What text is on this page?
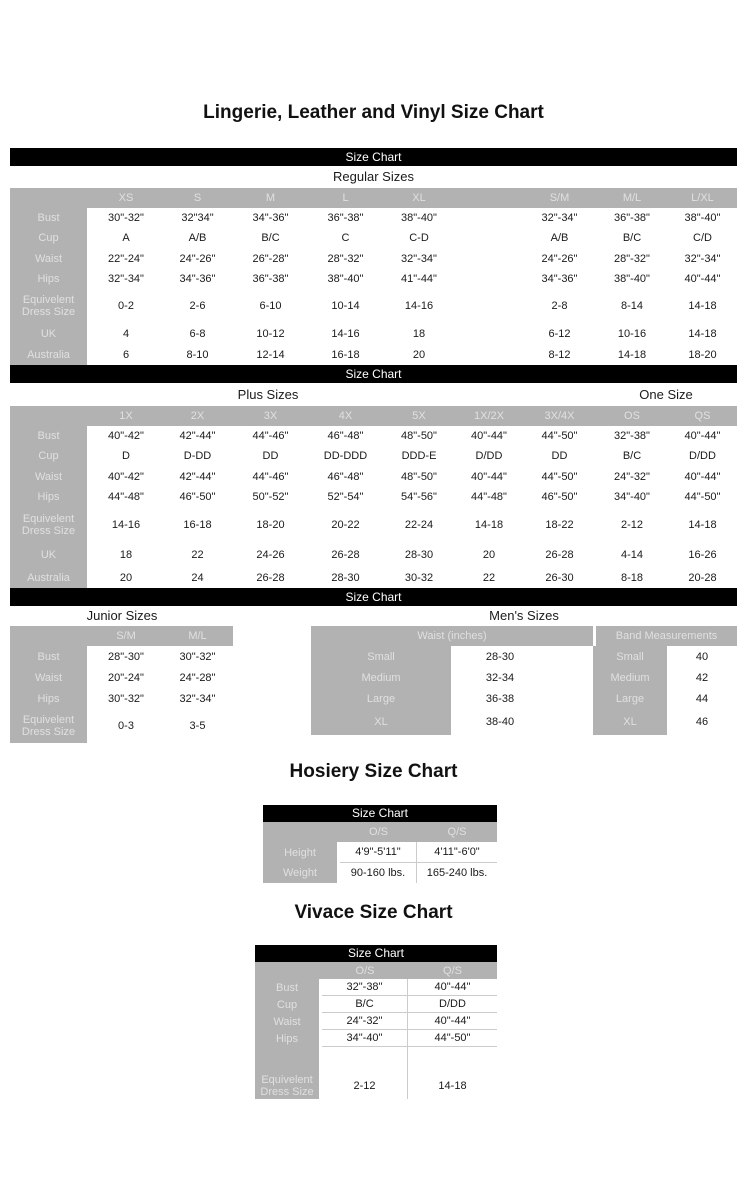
Lingerie, Leather and Vinyl Size Chart
Size Chart
Regular Sizes
	XS	S	M	L	XL		S/M	M/L	L/XL
Bust	30"-32"	32"34"	34"-36"	36"-38"	38"-40"		32"-34"	36"-38"	38"-40"
Cup	A	A/B	B/C	C	C-D		A/B	B/C	C/D
Waist	22"-24"	24"-26"	26"-28"	28"-32"	32"-34"		24"-26"	28"-32"	32"-34"
Hips	32"-34"	34"-36"	36"-38"	38"-40"	41"-44"		34"-36"	38"-40"	40"-44"
Equivelent Dress Size	0-2	2-6	6-10	10-14	14-16		2-8	8-14	14-18
UK	4	6-8	10-12	14-16	18		6-12	10-16	14-18
Australia	6	8-10	12-14	16-18	20		8-12	14-18	18-20
Size Chart
Plus Sizes	One Size
	1X	2X	3X	4X	5X	1X/2X	3X/4X	OS	QS
Bust	40"-42"	42"-44"	44"-46"	46"-48"	48"-50"	40"-44"	44"-50"	32"-38"	40"-44"
Cup	D	D-DD	DD	DD-DDD	DDD-E	D/DD	DD	B/C	D/DD
Waist	40"-42"	42"-44"	44"-46"	46"-48"	48"-50"	40"-44"	44"-50"	24"-32"	40"-44"
Hips	44"-48"	46"-50"	50"-52"	52"-54"	54"-56"	44"-48"	46"-50"	34"-40"	44"-50"
Equivelent Dress Size	14-16	16-18	18-20	20-22	22-24	14-18	18-22	2-12	14-18
UK	18	22	24-26	26-28	28-30	20	26-28	4-14	16-26
Australia	20	24	26-28	28-30	30-32	22	26-30	8-18	20-28
Size Chart
Junior Sizes	Men's Sizes
	S/M	M/L
Bust	28"-30"	30"-32"
Waist	20"-24"	24"-28"
Hips	30"-32"	32"-34"
Equivelent Dress Size	0-3	3-5
Waist (inches)			Band Measurements	
Small	28-30		Small	40
Medium	32-34		Medium	42
Large	36-38		Large	44
XL	38-40		XL	46
Hosiery Size Chart
Size Chart
	O/S	Q/S
Height	4'9"-5'11"	4'11"-6'0"
Weight	90-160 lbs.	165-240 lbs.
Vivace Size Chart
Size Chart
	O/S	Q/S
Bust	32"-38"	40"-44"
Cup	B/C	D/DD
Waist	24"-32"	40"-44"
Hips	34"-40"	44"-50"

Equivelent Dress Size	2-12	14-18
